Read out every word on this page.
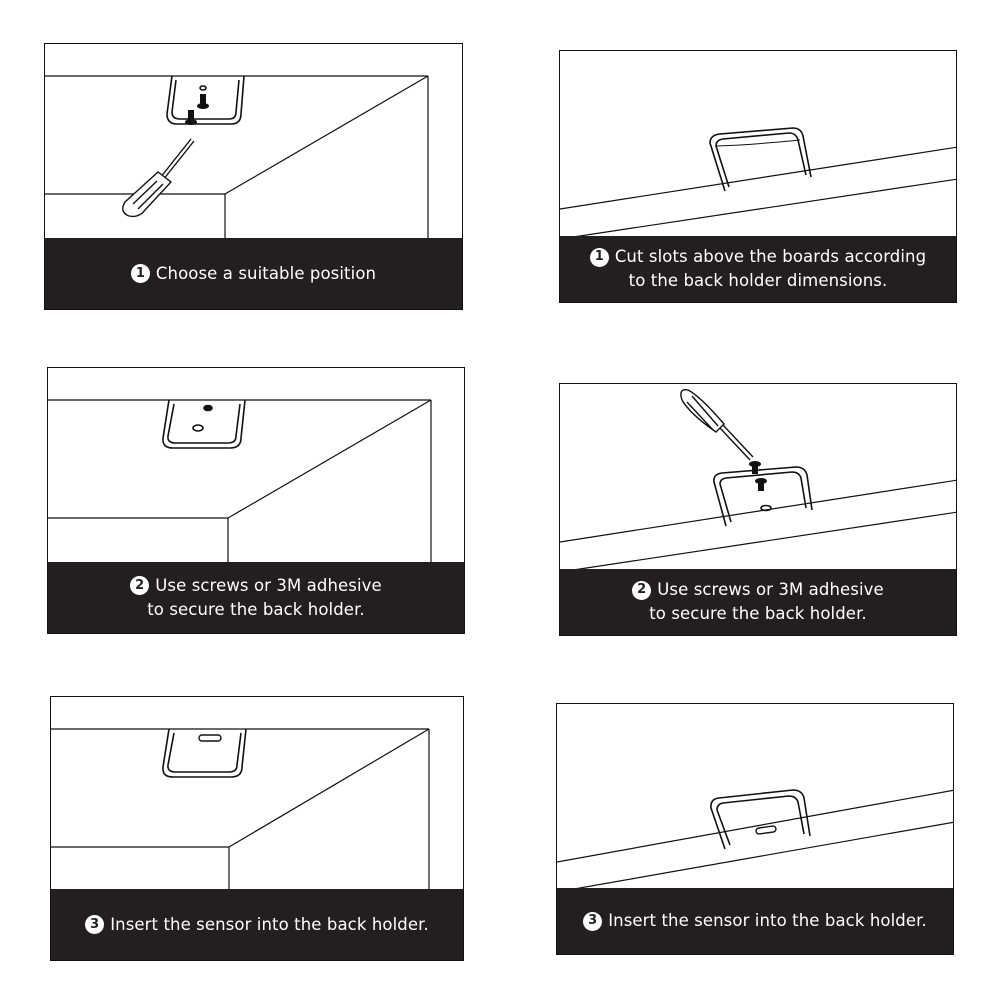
1 Choose a suitable position
1 Cut slots above the boards according
to the back holder dimensions.
2 Use screws or 3M adhesive
to secure the back holder.
2 Use screws or 3M adhesive
to secure the back holder.
3 Insert the sensor into the back holder.	3 Insert the sensor into the back holder.
